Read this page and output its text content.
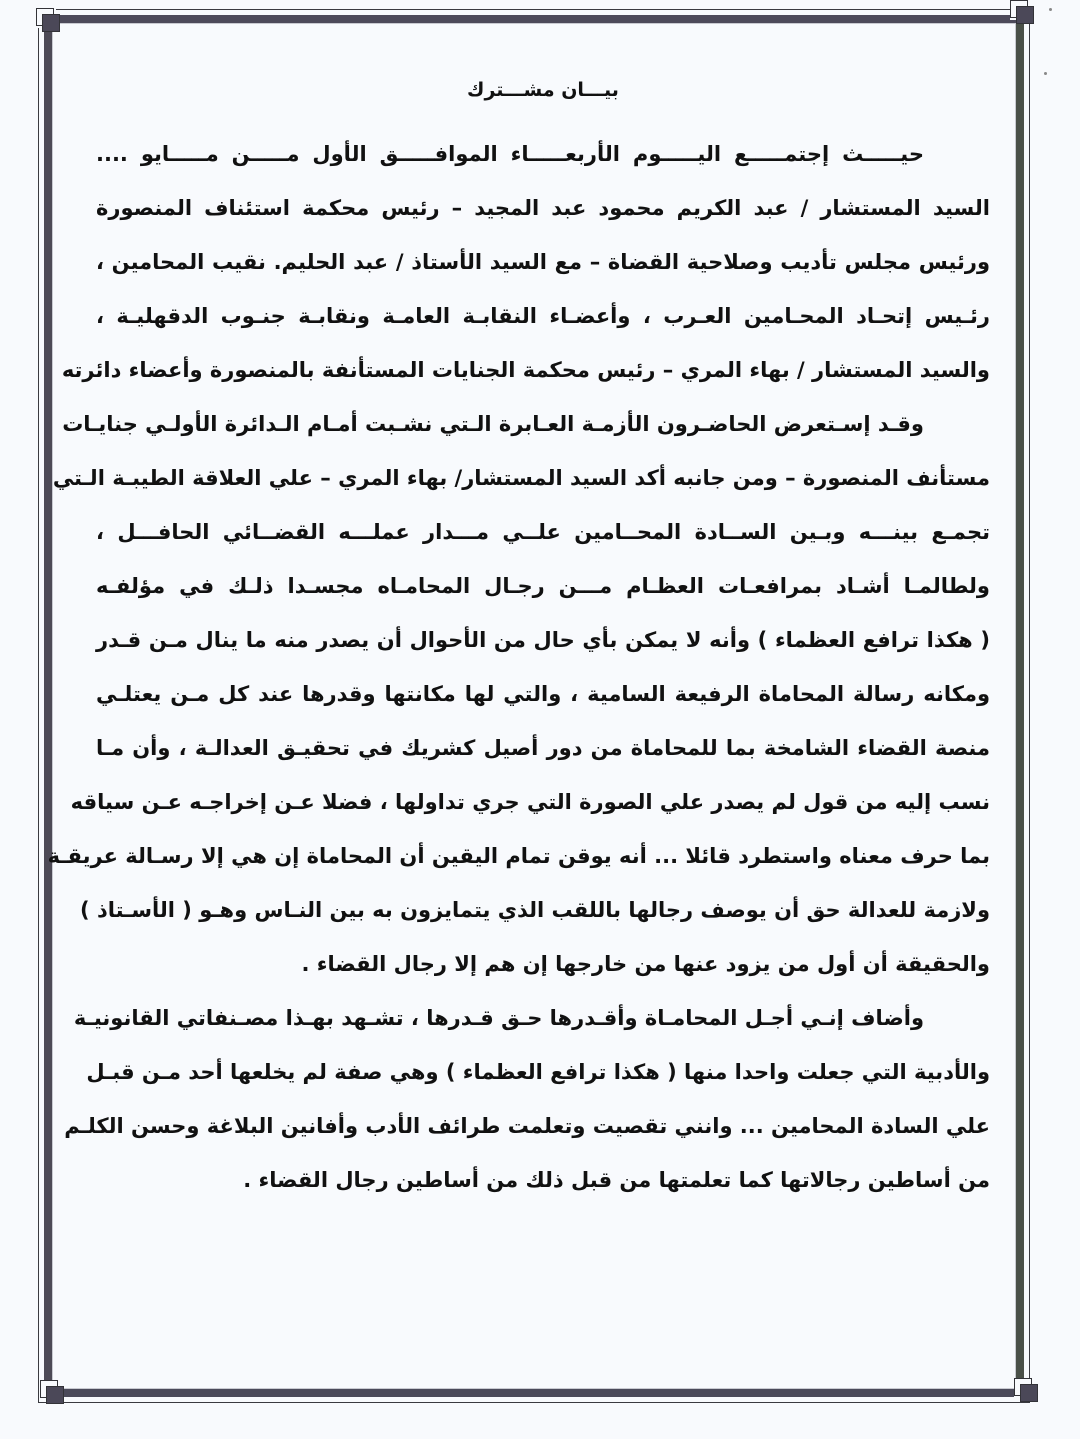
بيـــان مشـــترك
حيـــــث إجتمـــــع اليـــــوم الأربعـــــاء الموافـــــق الأول مـــــن مـــــايو ....
السيد المستشار / عبد الكريم محمود عبد المجيد – رئيس محكمة استئناف المنصورة
ورئيس مجلس تأديب وصلاحية القضاة – مع السيد الأستاذ / عبد الحليم. نقيب المحامين ،
رئـيس إتحـاد المحـامين العـرب ، وأعضـاء النقابـة العامـة ونقابـة جنـوب الدقهليـة ،
والسيد المستشار / بهاء المري – رئيس محكمة الجنايات المستأنفة بالمنصورة وأعضاء دائرته
وقـد إسـتعرض الحاضـرون الأزمـة العـابرة الـتي نشـبت أمـام الـدائرة الأولـي جنايـات
مستأنف المنصورة – ومن جانبه أكد السيد المستشار/ بهاء المري – علي العلاقة الطيبـة الـتي
تجمـع بينـــه وبـين الســادة المحــامين علــي مـــدار عملـــه القضــائي الحافـــل ،
ولطالمـا أشـاد بمرافعـات العظـام مـــن رجـال المحامـاه مجسـدا ذلـك في مؤلفـه
( هكذا ترافع العظماء ) وأنه لا يمكن بأي حال من الأحوال أن يصدر منه ما ينال مـن قـدر
ومكانه رسالة المحاماة الرفيعة السامية ، والتي لها مكانتها وقدرها عند كل مـن يعتلـي
منصة القضاء الشامخة بما للمحاماة من دور أصيل كشريك في تحقيـق العدالـة ، وأن مـا
نسب إليه من قول لم يصدر علي الصورة التي جري تداولها ، فضلا عـن إخراجـه عـن سياقه
بما حرف معناه واستطرد قائلا ... أنه يوقن تمام اليقين أن المحاماة إن هي إلا رسـالة عريقـة
ولازمة للعدالة حق أن يوصف رجالها باللقب الذي يتمايزون به بين النـاس وهـو ( الأسـتاذ )
والحقيقة أن أول من يزود عنها من خارجها إن هم إلا رجال القضاء .
وأضاف إنـي أجـل المحامـاة وأقـدرها حـق قـدرها ، تشـهد بهـذا مصـنفاتي القانونيـة
والأدبية التي جعلت واحدا منها ( هكذا ترافع العظماء ) وهي صفة لم يخلعها أحد مـن قبـل
علي السادة المحامين ... وانني تقصيت وتعلمت طرائف الأدب وأفانين البلاغة وحسن الكلـم
من أساطين رجالاتها كما تعلمتها من قبل ذلك من أساطين رجال القضاء .
